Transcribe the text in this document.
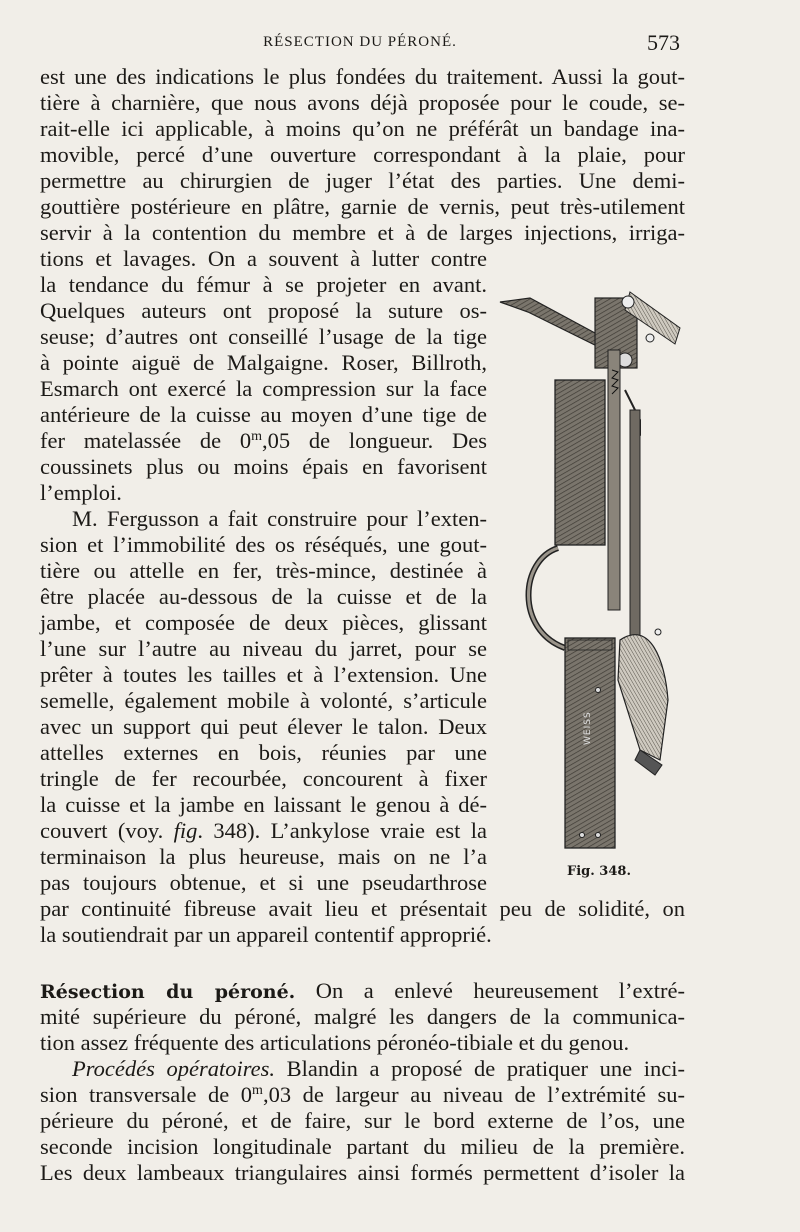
RÉSECTION DU PÉRONÉ.	573
est une des indications le plus fondées du traitement. Aussi la gout-
tière à charnière, que nous avons déjà proposée pour le coude, se-
rait-elle ici applicable, à moins qu’on ne préférât un bandage ina-
movible, percé d’une ouverture correspondant à la plaie, pour
permettre au chirurgien de juger l’état des parties. Une demi-
gouttière postérieure en plâtre, garnie de vernis, peut très-utilement
servir à la contention du membre et à de larges injections, irriga-
tions et lavages. On a souvent à lutter contre
la tendance du fémur à se projeter en avant.
Quelques auteurs ont proposé la suture os-
seuse; d’autres ont conseillé l’usage de la tige
à pointe aiguë de Malgaigne. Roser, Billroth,
Esmarch ont exercé la compression sur la face
antérieure de la cuisse au moyen d’une tige de
fer matelassée de 0$^m$,05 de longueur. Des
coussinets plus ou moins épais en favorisent
l’emploi.
M. Fergusson a fait construire pour l’exten-
sion et l’immobilité des os réséqués, une gout-
tière ou attelle en fer, très-mince, destinée à
être placée au-dessous de la cuisse et de la
jambe, et composée de deux pièces, glissant
l’une sur l’autre au niveau du jarret, pour se
prêter à toutes les tailles et à l’extension. Une
semelle, également mobile à volonté, s’articule
avec un support qui peut élever le talon. Deux
attelles externes en bois, réunies par une
tringle de fer recourbée, concourent à fixer
la cuisse et la jambe en laissant le genou à dé-
couvert (voy. fig. 348). L’ankylose vraie est la
terminaison la plus heureuse, mais on ne l’a
pas toujours obtenue, et si une pseudarthrose
par continuité fibreuse avait lieu et présentait peu de solidité, on
la soutiendrait par un appareil contentif approprié.
Résection du péroné. On a enlevé heureusement l’extré-
mité supérieure du péroné, malgré les dangers de la communica-
tion assez fréquente des articulations péronéo-tibiale et du genou.
Procédés opératoires. Blandin a proposé de pratiquer une inci-
sion transversale de 0$^m$,03 de largeur au niveau de l’extrémité su-
périeure du péroné, et de faire, sur le bord externe de l’os, une
seconde incision longitudinale partant du milieu de la première.
Les deux lambeaux triangulaires ainsi formés permettent d’isoler la
WEISS
Fig. 348.
